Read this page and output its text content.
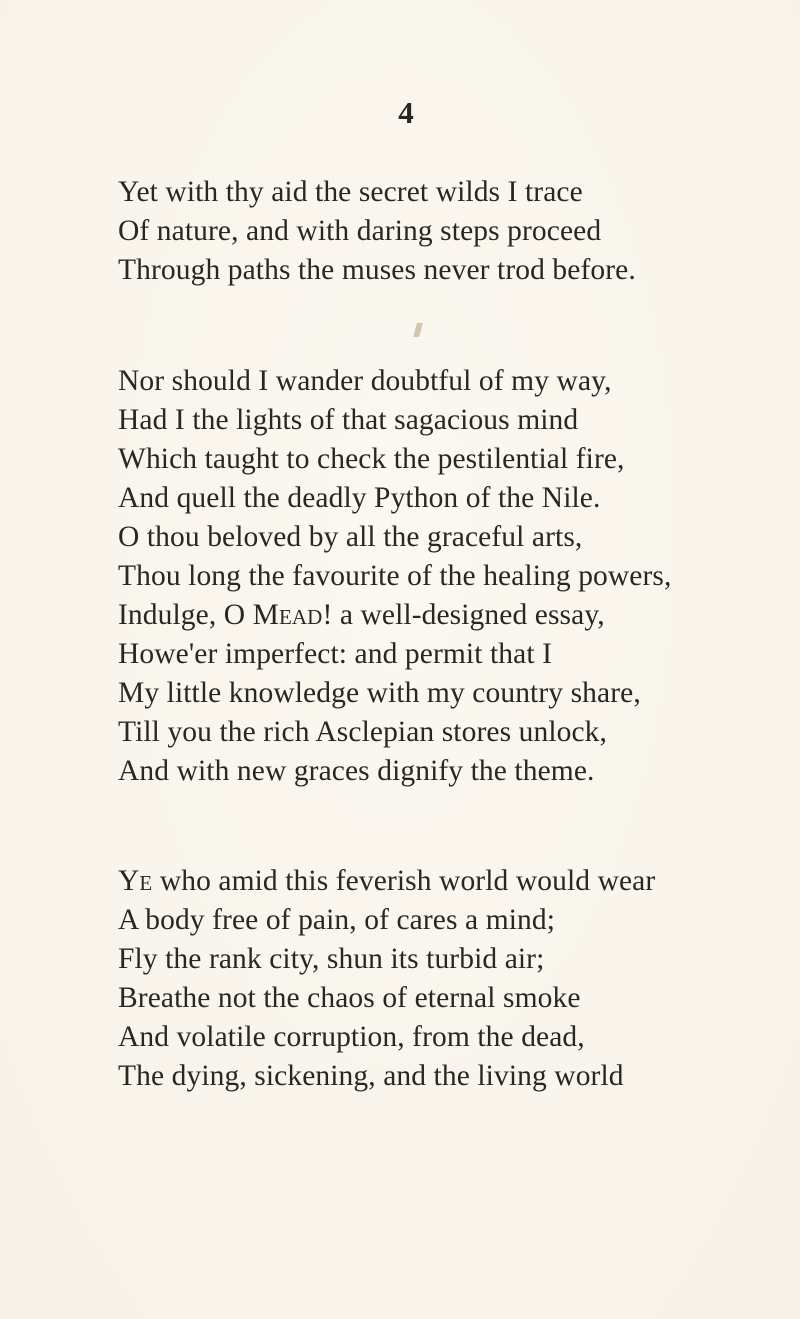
4
Yet with thy aid the secret wilds I trace
Of nature, and with daring steps proceed
Through paths the muses never trod before.
Nor should I wander doubtful of my way,
Had I the lights of that sagacious mind
Which taught to check the pestilential fire,
And quell the deadly Python of the Nile.
O thou beloved by all the graceful arts,
Thou long the favourite of the healing powers,
Indulge, O Mead! a well-designed essay,
Howe'er imperfect: and permit that I
My little knowledge with my country share,
Till you the rich Asclepian stores unlock,
And with new graces dignify the theme.
Ye who amid this feverish world would wear
A body free of pain, of cares a mind;
Fly the rank city, shun its turbid air;
Breathe not the chaos of eternal smoke
And volatile corruption, from the dead,
The dying, sickening, and the living world
